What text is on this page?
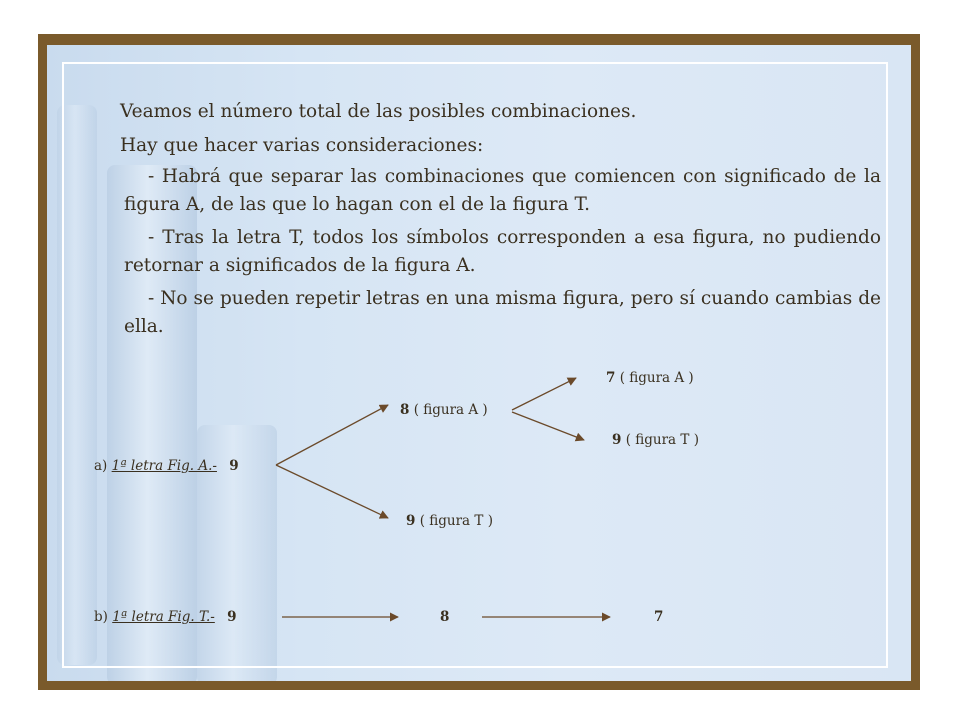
Veamos el número total de las posibles combinaciones.

Hay que hacer varias consideraciones:

- Habrá que separar las combinaciones que comiencen con significado de la figura A, de las que lo hagan con el de la figura T.

- Tras la letra T, todos los símbolos corresponden a esa figura, no pudiendo retornar a significados de la figura A.

- No se pueden repetir letras en una misma figura, pero sí cuando cambias de ella.

a) 1ª letra Fig. A.- 9
8 ( figura A )
7 ( figura A )
9 ( figura T )
9 ( figura T )
b) 1ª letra Fig. T.- 9	8	7
